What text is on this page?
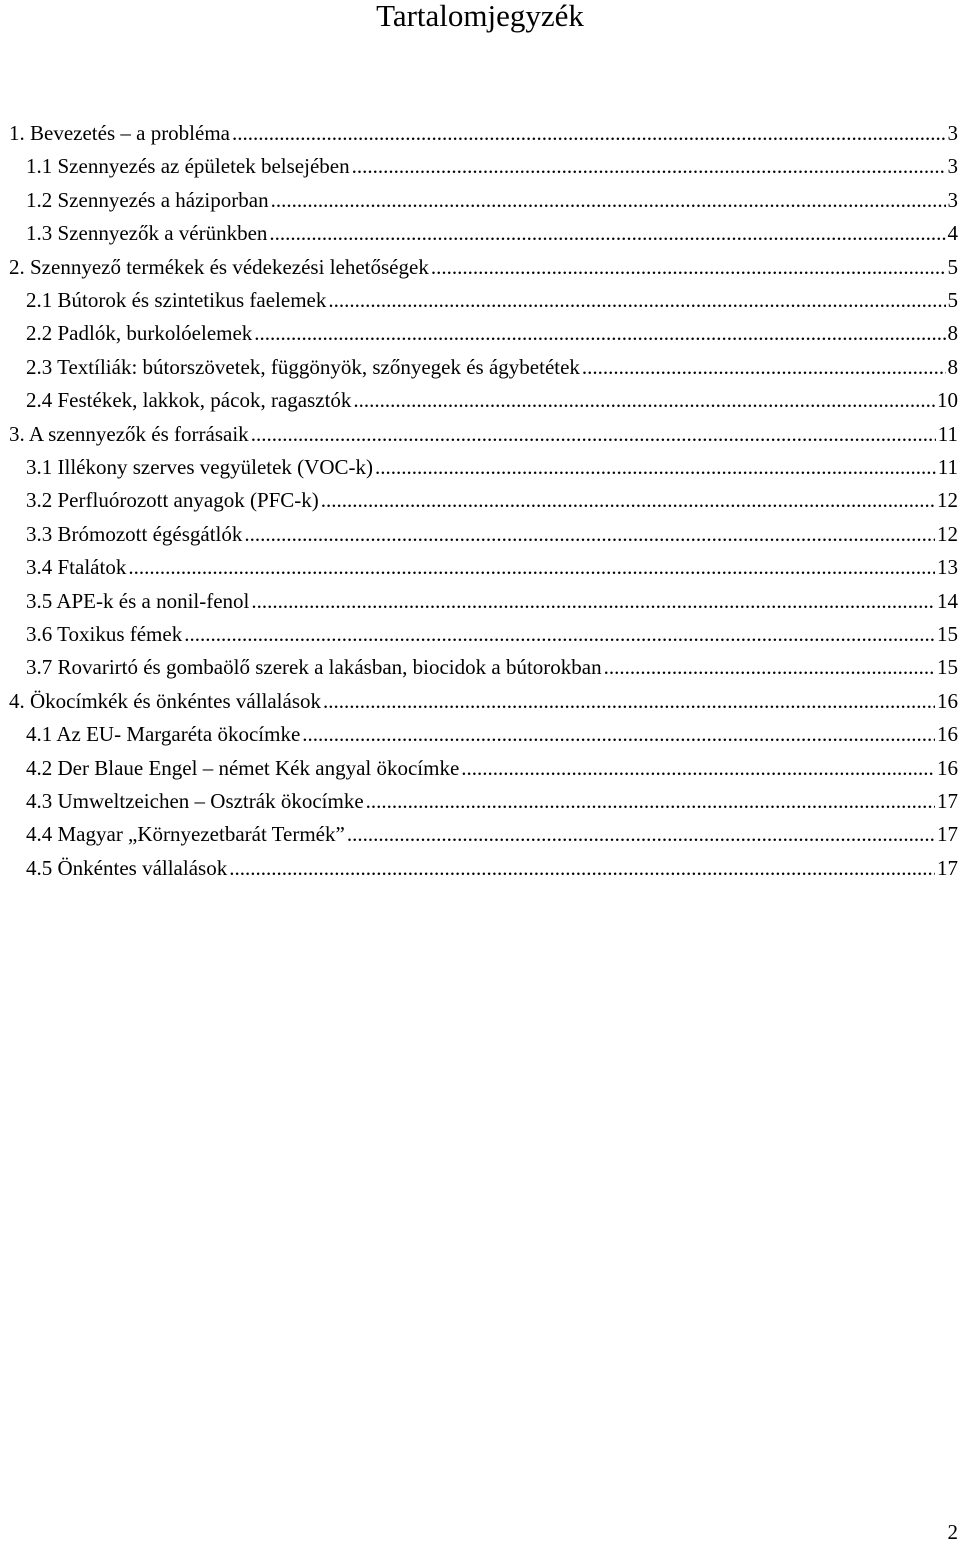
Tartalomjegyzék
1. Bevezetés – a probléma .....	3
1.1 Szennyezés az épületek belsejében .....	3
1.2 Szennyezés a háziporban .....	3
1.3 Szennyezők a vérünkben .....	4
2. Szennyező termékek és védekezési lehetőségek .....	5
2.1 Bútorok és szintetikus faelemek .....	5
2.2 Padlók, burkolóelemek .....	8
2.3 Textíliák: bútorszövetek, függönyök, szőnyegek és ágybetétek .....	8
2.4 Festékek, lakkok, pácok, ragasztók .....	10
3. A szennyezők és forrásaik .....	11
3.1 Illékony szerves vegyületek (VOC-k) .....	11
3.2 Perfluórozott anyagok (PFC-k) .....	12
3.3 Brómozott égésgátlók .....	12
3.4 Ftalátok .....	13
3.5 APE-k és a nonil-fenol .....	14
3.6 Toxikus fémek .....	15
3.7 Rovarirtó és gombaölő szerek a lakásban, biocidok a bútorokban .....	15
4. Ökocímkék és önkéntes vállalások .....	16
4.1 Az EU- Margaréta ökocímke .....	16
4.2 Der Blaue Engel – német Kék angyal ökocímke .....	16
4.3 Umweltzeichen – Osztrák ökocímke .....	17
4.4 Magyar „Környezetbarát Termék” .....	17
4.5 Önkéntes vállalások .....	17
2
